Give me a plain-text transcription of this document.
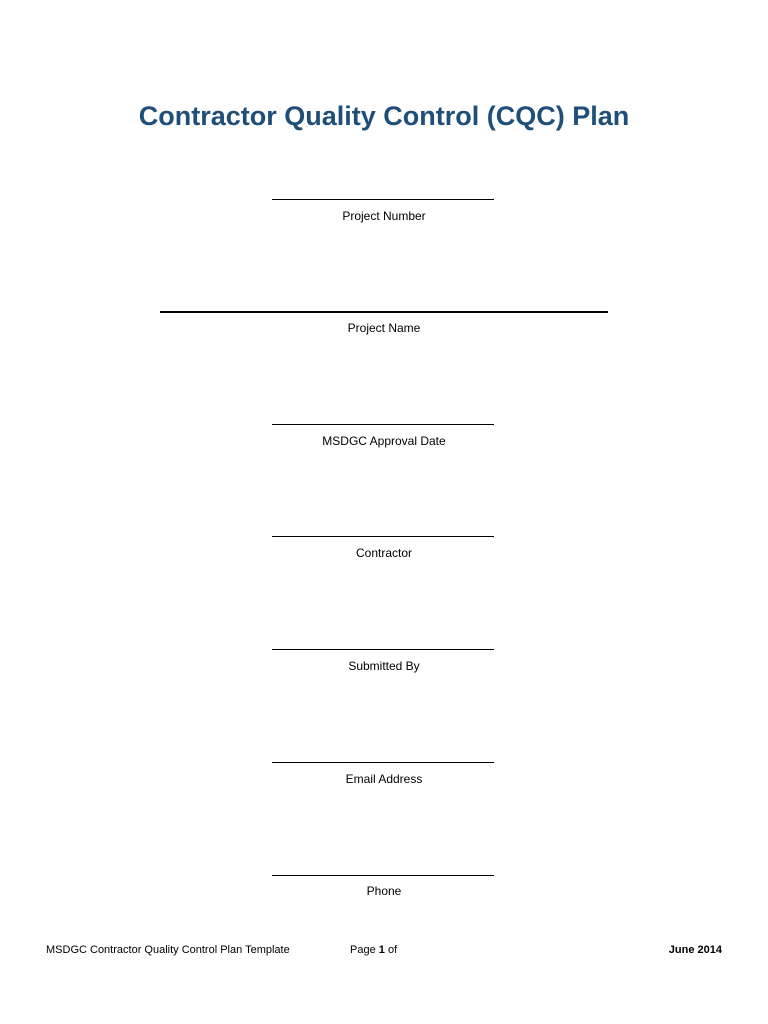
Contractor Quality Control (CQC) Plan
Project Number
Project Name
MSDGC Approval Date
Contractor
Submitted By
Email Address
Phone
MSDGC Contractor Quality Control Plan Template	Page 1 of	June 2014
